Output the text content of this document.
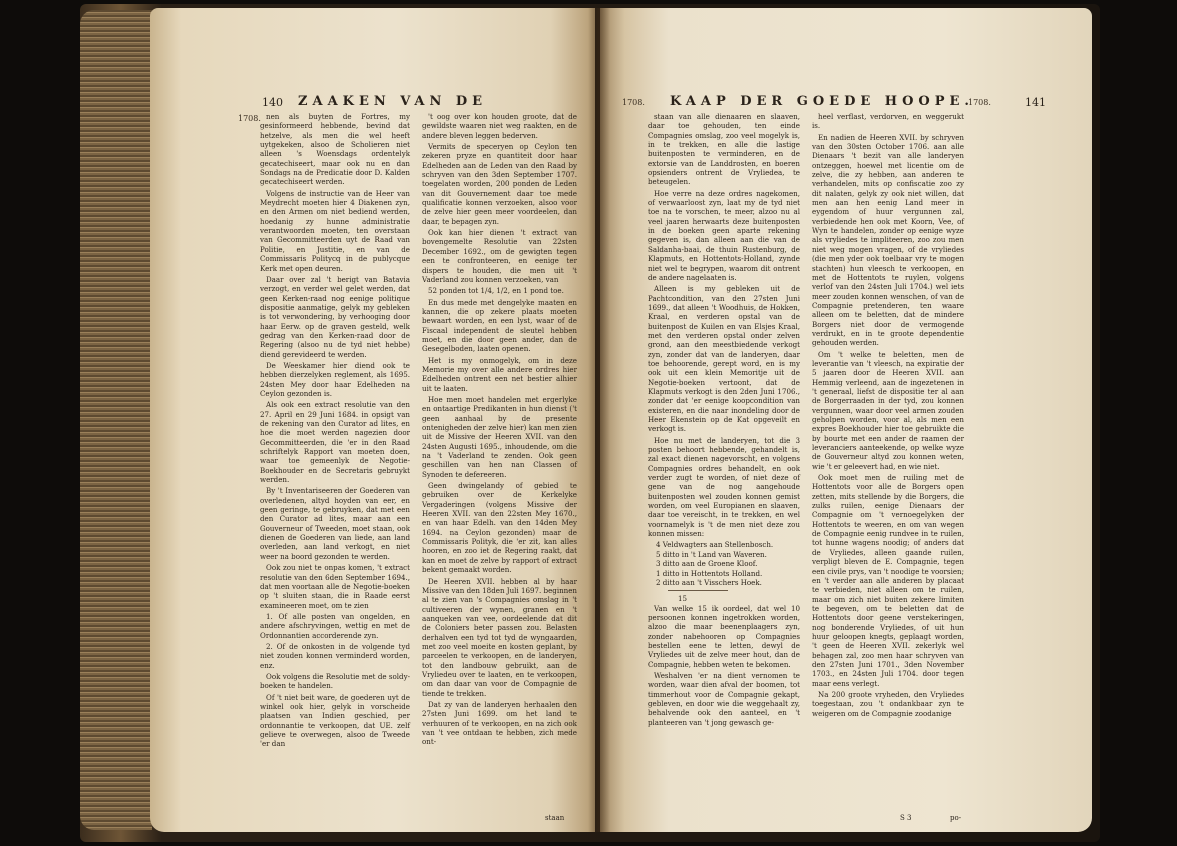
140 ZAAKEN VAN DE

nen als buyten de Fortres, my gesinformeerd hebbende, bevind dat hetzelve, als men die wel heeft uytgekeken, alsoo de Scholieren niet alleen 's Woensdags ordentelyk gecatechiseert, maar ook nu en dan Sondags na de Predicatie door D. Kalden gecatechiseert werden.

Volgens de instructie van de Heer van Meydrecht moeten hier 4 Diakenen zyn, en den Armen om niet bediend werden, hoedanig zy hunne administratie verantwoorden moeten, ten overstaan van Gecommitteerden uyt de Raad van Politie, en Justitie, en van de Commissaris Politycq in de publycque Kerk met open deuren.

Daar over zal 't berigt van Batavia verzogt, en verder wel gelet werden, dat geen Kerken-raad nog eenige politique dispositie aanmatige, gelyk my gebleken is tot verwondering, by verhooging door haar Eerw. op de graven gesteld, welk gedrag van den Kerken-raad door de Regering (alsoo nu de tyd niet hebbe) diend gerevideerd te werden.

De Weeskamer hier diend ook te hebben dierzelyken reglement, als 1695. 24sten Mey door haar Edelheden na Ceylon gezonden is.

Als ook een extract resolutie van den 27. April en 29 Juni 1684. in opsigt van de rekening van den Curator ad lites, en hoe die moet werden nagezien door Gecommitteerden, die 'er in den Raad schriftelyk Rapport van moeten doen, waar toe gemeenlyk de Negotie-Boekhouder en de Secretaris gebruykt werden.

By 't Inventariseeren der Goederen van overledenen, altyd hoyden van eer, en geen geringe, te gebruyken, dat met een den Curator ad lites, maar aan een Gouverneur of Tweeden, moet staan, ook dienen de Goederen van liede, aan land overleden, aan land verkogt, en niet weer na boord gezonden te werden.

Ook zou niet te onpas komen, 't extract resolutie van den 6den September 1694., dat men voortaan alle de Negotie-boeken op 't sluiten staan, die in Raade eerst examineeren moet, om te zien

1. Of alle posten van ongelden, en andere afschryvingen, wettig en met de Ordonnantien accorderende zyn.

2. Of de onkosten in de volgende tyd niet zouden konnen verminderd worden, enz.

Ook volgens die Resolutie met de soldy-boeken te handelen.

Of 't niet beit ware, de goederen uyt de winkel ook hier, gelyk in vorscheide plaatsen van Indien geschied, per ordonnantie te verkoopen, dat UE. zelf gelieve te overwegen, alsoo de Tweede 'er dan

't oog over kon houden groote, dat de gewildste waaren niet weg raakten, en de andere bleven leggen bederven.

Vermits de speceryen op Ceylon ten zekeren pryze en quantiteit door haar Edelheden aan de Leden van den Raad by schryven van den 3den September 1707. toegelaten worden, 200 ponden de Leden van dit Gouvernement daar toe mede qualificatie konnen verzoeken, alsoo voor de zelve hier geen meer voordeelen, dan daar, te bepagen zyn.

Ook kan hier dienen 't extract van bovengemelte Resolutie van 22sten December 1692., om de gewigten tegen een te confronteeren, en eenige ter dispers te houden, die men uit 't Vaderland zou konnen verzoeken, van

52 ponden tot 1/4, 1/2, en 1 pond toe.

En dus mede met dengelyke maaten en kannen, die op zekere plaats moeten bewaart worden, en een lyst, waar of de Fiscaal independent de sleutel hebben moet, en die door geen ander, dan de Gesegelboden, laaten openen.

Het is my onmogelyk, om in deze Memorie my over alle andere ordres hier Edelheden ontrent een net bestier alhier uit te laaten.

Hoe men moet handelen met ergerlyke en ontaartige Predikanten in hun dienst ('t geen aanhaal by de presente ontenigheden der zelve hier) kan men zien uit de Missive der Heeren XVII. van den 24sten Augusti 1695., inhoudende, om die na 't Vaderland te zenden. Ook geen geschillen van hen nan Classen of Synoden te defereeren.

Geen dwingelandy of gebied te gebruiken over de Kerkelyke Vergaderingen (volgens Missive der Heeren XVII. van den 22sten Mey 1670., en van haar Edelh. van den 14den Mey 1694. na Ceylon gezonden) maar de Commissaris Polityk, die 'er zit, kan alles hooren, en zoo iet de Regering raakt, dat kan en moet de zelve by rapport of extract bekent gemaakt worden.

De Heeren XVII. hebben al by haar Missive van den 18den Juli 1697. beginnen al te zien van 's Compagnies omslag in 't cultiveeren der wynen, granen en 't aanqueken van vee, oordeelende dat dit de Coloniers beter passen zou. Belasten derhalven een tyd tot tyd de wyngaarden, met zoo veel moeite en kosten geplant, by parceelen te verkoopen, en de landeryen, tot den landbouw gebruikt, aan de Vryliedeu over te laaten, en te verkoopen, om dan daar van voor de Compagnie de tiende te trekken.

Dat zy van de landeryen herhaalen den 27sten Juni 1699. om het land te verhuuren of te verkoopen, en na zich ook van 't vee ontdaan te hebben, zich mede ont-

staan
1708.
KAAP DER GOEDE HOOPE.	141

staan van alle dienaaren en slaaven, daar toe gehouden, ten einde Compagnies omslag, zoo veel mogelyk is, in te trekken, en alle die lastige buitenposten te verminderen, en de extorsie van de Landdrosten, en boeren opsienders ontrent de Vryliedea, te beteugelen.

Hoe verre na deze ordres nagekomen, of verwaarloost zyn, laat my de tyd niet toe na te vorschen, te meer, alzoo nu al veel jaaren herwaarts deze buitenposten in de boeken geen aparte rekening gegeven is, dan alleen aan die van de Saldanha-baai, de thuin Rustenburg, de Klapmuts, en Hottentots-Holland, zynde niet wel te begrypen, waarom dit ontrent de andere nagelaaten is.

Alleen is my gebleken uit de Pachtcondition, van den 27sten Juni 1699., dat alleen 't Woodhuis, de Hokken, Kraal, en verderen opstal van de buitenpost de Kuilen en van Elsjes Kraal, met den verderen opstal onder zelven grond, aan den meestbiedende verkogt zyn, zonder dat van de landeryen, daar toe behoorende, gerept word, en is my ook uit een klein Memoritje uit de Negotie-boeken vertoont, dat de Klapmuts verkogt is den 2den Juni 1706., zonder dat 'er eenige koopcondition van existeren, en die naar inondeling door de Heer Ekenstein op de Kat opgeveilt en verkogt is.

Hoe nu met de landeryen, tot die 3 posten behoort hebbende, gehandelt is, zal exact dienen nagevorscht, en volgens Compagnies ordres behandelt, en ook verder zugt te worden, of niet deze of gene van de nog aangehoude buitenposten wel zouden konnen gemist worden, om veel Europianen en slaaven, daar toe vereischt, in te trekken, en wel voornamelyk is 't de men niet deze zou konnen missen:

4 Veldwagters aan Stellenbosch.
5 ditto in 't Land van Waveren.
3 ditto aan de Groene Kloof.
1 ditto in Hottentots Holland.
2 ditto aan 't Visschers Hoek.
15

Van welke 15 ik oordeel, dat wel 10 persoonen konnen ingetrokken worden, alzoo die maar beenenplaagers zyn, zonder nabehooren op Compagnies bestellen eene te letten, dewyl de Vryliedes uit de zelve meer hout, dan de Compagnie, hebben weten te bekomen.

Weshalven 'er na dient vernomen te worden, waar dien afval der boomen, tot timmerhout voor de Compagnie gekapt, gebleven, en door wie die weggehaalt zy, behalvende ook den aanteel, en 't planteeren van 't jong gewasch ge-

heel verflast, verdorven, en weggerukt is.

En nadien de Heeren XVII. by schryven van den 30sten October 1706. aan alle Dienaars 't bezit van alle landeryen ontzeggen, hoewel met licentie om de zelve, die zy hebben, aan anderen te verhandelen, mits op confiscatie zoo zy dit nalaten, gelyk zy ook niet willen, dat men aan hen eenig Land meer in eygendom of huur vergunnen zal, verbiedende hen ook met Koorn, Vee, of Wyn te handelen, zonder op eenige wyze als vryliedes te impliteeren, zoo zou men niet weg mogen vragen, of de vryliedes (die men yder ook toelbaar vry te mogen stachten) hun vleesch te verkoopen, en met de Hottentots te ruylen, volgens verlof van den 24sten Juli 1704.) wel iets meer zouden konnen wenschen, of van de Compagnie pretenderen, ten waare alleen om te beletten, dat de mindere Borgers niet door de vermogende verdrukt, en in te groote dependentie gehouden werden.

Om 't welke te beletten, men de leverantie van 't vleesch, na expiratie der 5 jaaren door de Heeren XVII. aan Hemmig verleend, aan de ingezetenen in 't generaal, liefst de dispositie ter al aan de Borgerraaden in der tyd, zou konnen vergunnen, waar door veel armen zouden geholpen worden, voor al, als men een expres Boekhouder hier toe gebruikte die by bourte met een ander de raamen der leveranciers aanteekende, op welke wyze de Gouverneur altyd zou konnen weten, wie 't er geleevert had, en wie niet.

Ook moet men de ruiling met de Hottentots voor alle de Borgers open zetten, mits stellende by die Borgers, die zulks ruilen, eenige Dienaars der Compagnie om 't vernoegelyken der Hottentots te weeren, en om van wegen de Compagnie eenig rundvee in te ruilen, tot hunne wagens noodig; of anders dat de Vryliedes, alleen gaande ruilen, verpligt bleven de E. Compagnie, tegen een civile prys, van 't noodige te voorsien; en 't verder aan alle anderen by placaat te verbieden, niet alleen om te ruilen, maar om zich niet buiten zekere limiten te begeven, om te beletten dat de Hottentots door geene verstekeringen, nog bonderende Vryliedes, of uit hun huur geloopen knegts, geplaagt worden, 't geen de Heeren XVII. zekerlyk wel behagen zal, zoo men haar schryven van den 27sten Juni 1701., 3den November 1703., en 24sten Juli 1704. door tegen maar eens verlegt.

Na 200 groote vryheden, den Vryliedes toegestaan, zou 't ondankbaar zyn te weigeren om de Compagnie zoodanige

S 3	po-
1708.	1708.
